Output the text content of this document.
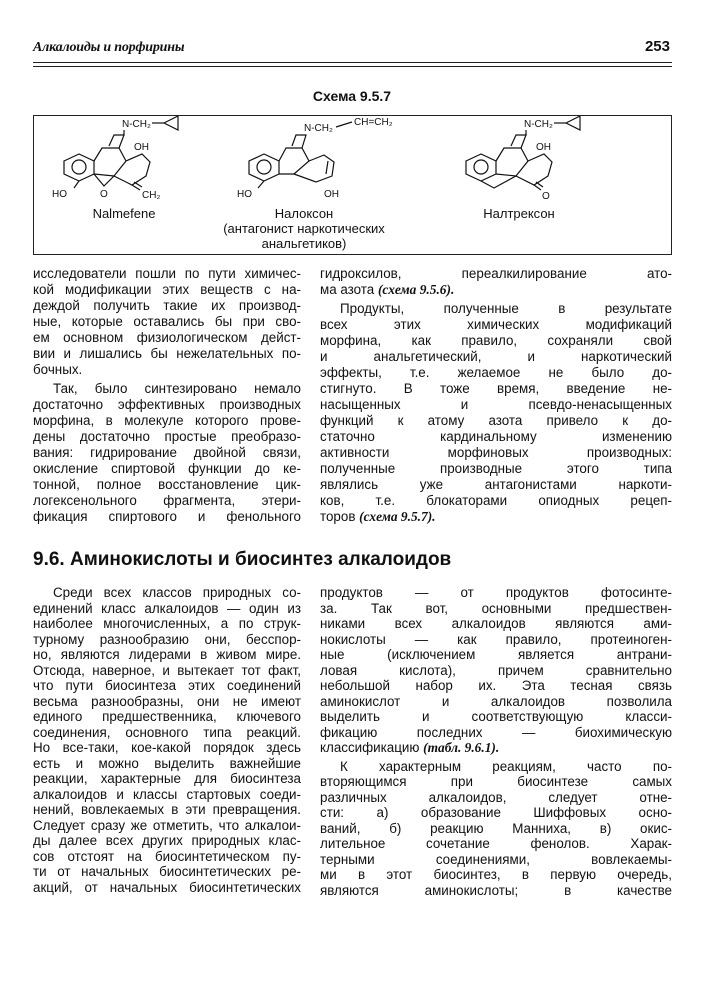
Алкалоиды и порфирины	253
Схема 9.5.7
N-CH₂
OH
HO	O	CH₂
N-CH₂
CH=CH₂
HO	OH
N-CH₂
OH
O
Nalmefene	Налоксон
(антагонист наркотических
анальгетиков)
Налтрексон
исследователи пошли по пути химичес-
кой модификации этих веществ с на-
деждой получить такие их производ-
ные, которые оставались бы при сво-
ем основном физиологическом дейст-
вии и лишались бы нежелательных по-
бочных.
Так, было синтезировано немало
достаточно эффективных производных
морфина, в молекуле которого прове-
дены достаточно простые преобразо-
вания: гидрирование двойной связи,
окисление спиртовой функции до ке-
тонной, полное восстановление цик-
логексенольного фрагмента, этери-
фикация спиртового и фенольного
гидроксилов, переалкилирование ато-
ма азота (схема 9.5.6).
Продукты, полученные в результате
всех этих химических модификаций
морфина, как правило, сохраняли свой
и анальгетический, и наркотический
эффекты, т.е. желаемое не было до-
стигнуто. В тоже время, введение не-
насыщенных и псевдо-ненасыщенных
функций к атому азота привело к до-
статочно кардинальному изменению
активности морфиновых производных:
полученные производные этого типа
являлись уже антагонистами наркоти-
ков, т.е. блокаторами опиодных рецеп-
торов (схема 9.5.7).
9.6. Аминокислоты и биосинтез алкалоидов
Среди всех классов природных со-
единений класс алкалоидов — один из
наиболее многочисленных, а по струк-
турному разнообразию они, бесспор-
но, являются лидерами в живом мире.
Отсюда, наверное, и вытекает тот факт,
что пути биосинтеза этих соединений
весьма разнообразны, они не имеют
единого предшественника, ключевого
соединения, основного типа реакций.
Но все-таки, кое-какой порядок здесь
есть и можно выделить важнейшие
реакции, характерные для биосинтеза
алкалоидов и классы стартовых соеди-
нений, вовлекаемых в эти превращения.
Следует сразу же отметить, что алкалои-
ды далее всех других природных клас-
сов отстоят на биосинтетическом пу-
ти от начальных биосинтетических ре-
акций, от начальных биосинтетических
продуктов — от продуктов фотосинте-
за. Так вот, основными предшествен-
никами всех алкалоидов являются ами-
нокислоты — как правило, протеиноген-
ные (исключением является антрани-
ловая кислота), причем сравнительно
небольшой набор их. Эта тесная связь
аминокислот и алкалоидов позволила
выделить и соответствующую класси-
фикацию последних — биохимическую
классификацию (табл. 9.6.1).
К характерным реакциям, часто по-
вторяющимся при биосинтезе самых
различных алкалоидов, следует отне-
сти: а) образование Шиффовых осно-
ваний, б) реакцию Манниха, в) окис-
лительное сочетание фенолов. Харак-
терными соединениями, вовлекаемы-
ми в этот биосинтез, в первую очередь,
являются аминокислоты; в качестве
